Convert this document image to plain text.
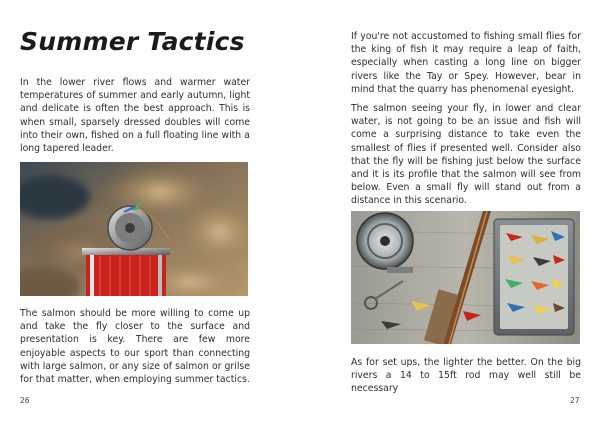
Summer Tactics

In the lower river flows and warmer water temperatures of summer and early autumn, light and delicate is often the best approach. This is when small, sparsely dressed doubles will come into their own, fished on a full floating line with a long tapered leader.

The salmon should be more willing to come up and take the fly closer to the surface and presentation is key. There are few more enjoyable aspects to our sport than connecting with large salmon, or any size of salmon or grilse for that matter, when employing summer tactics.

26

If you're not accustomed to fishing small flies for the king of fish it may require a leap of faith, especially when casting a long line on bigger rivers like the Tay or Spey. However, bear in mind that the quarry has phenomenal eyesight.

The salmon seeing your fly, in lower and clear water, is not going to be an issue and fish will come a surprising distance to take even the smallest of flies if presented well. Consider also that the fly will be fishing just below the surface and it is its profile that the salmon will see from below. Even a small fly will stand out from a distance in this scenario.

As for set ups, the lighter the better. On the big rivers a 14 to 15ft rod may well still be necessary

27
